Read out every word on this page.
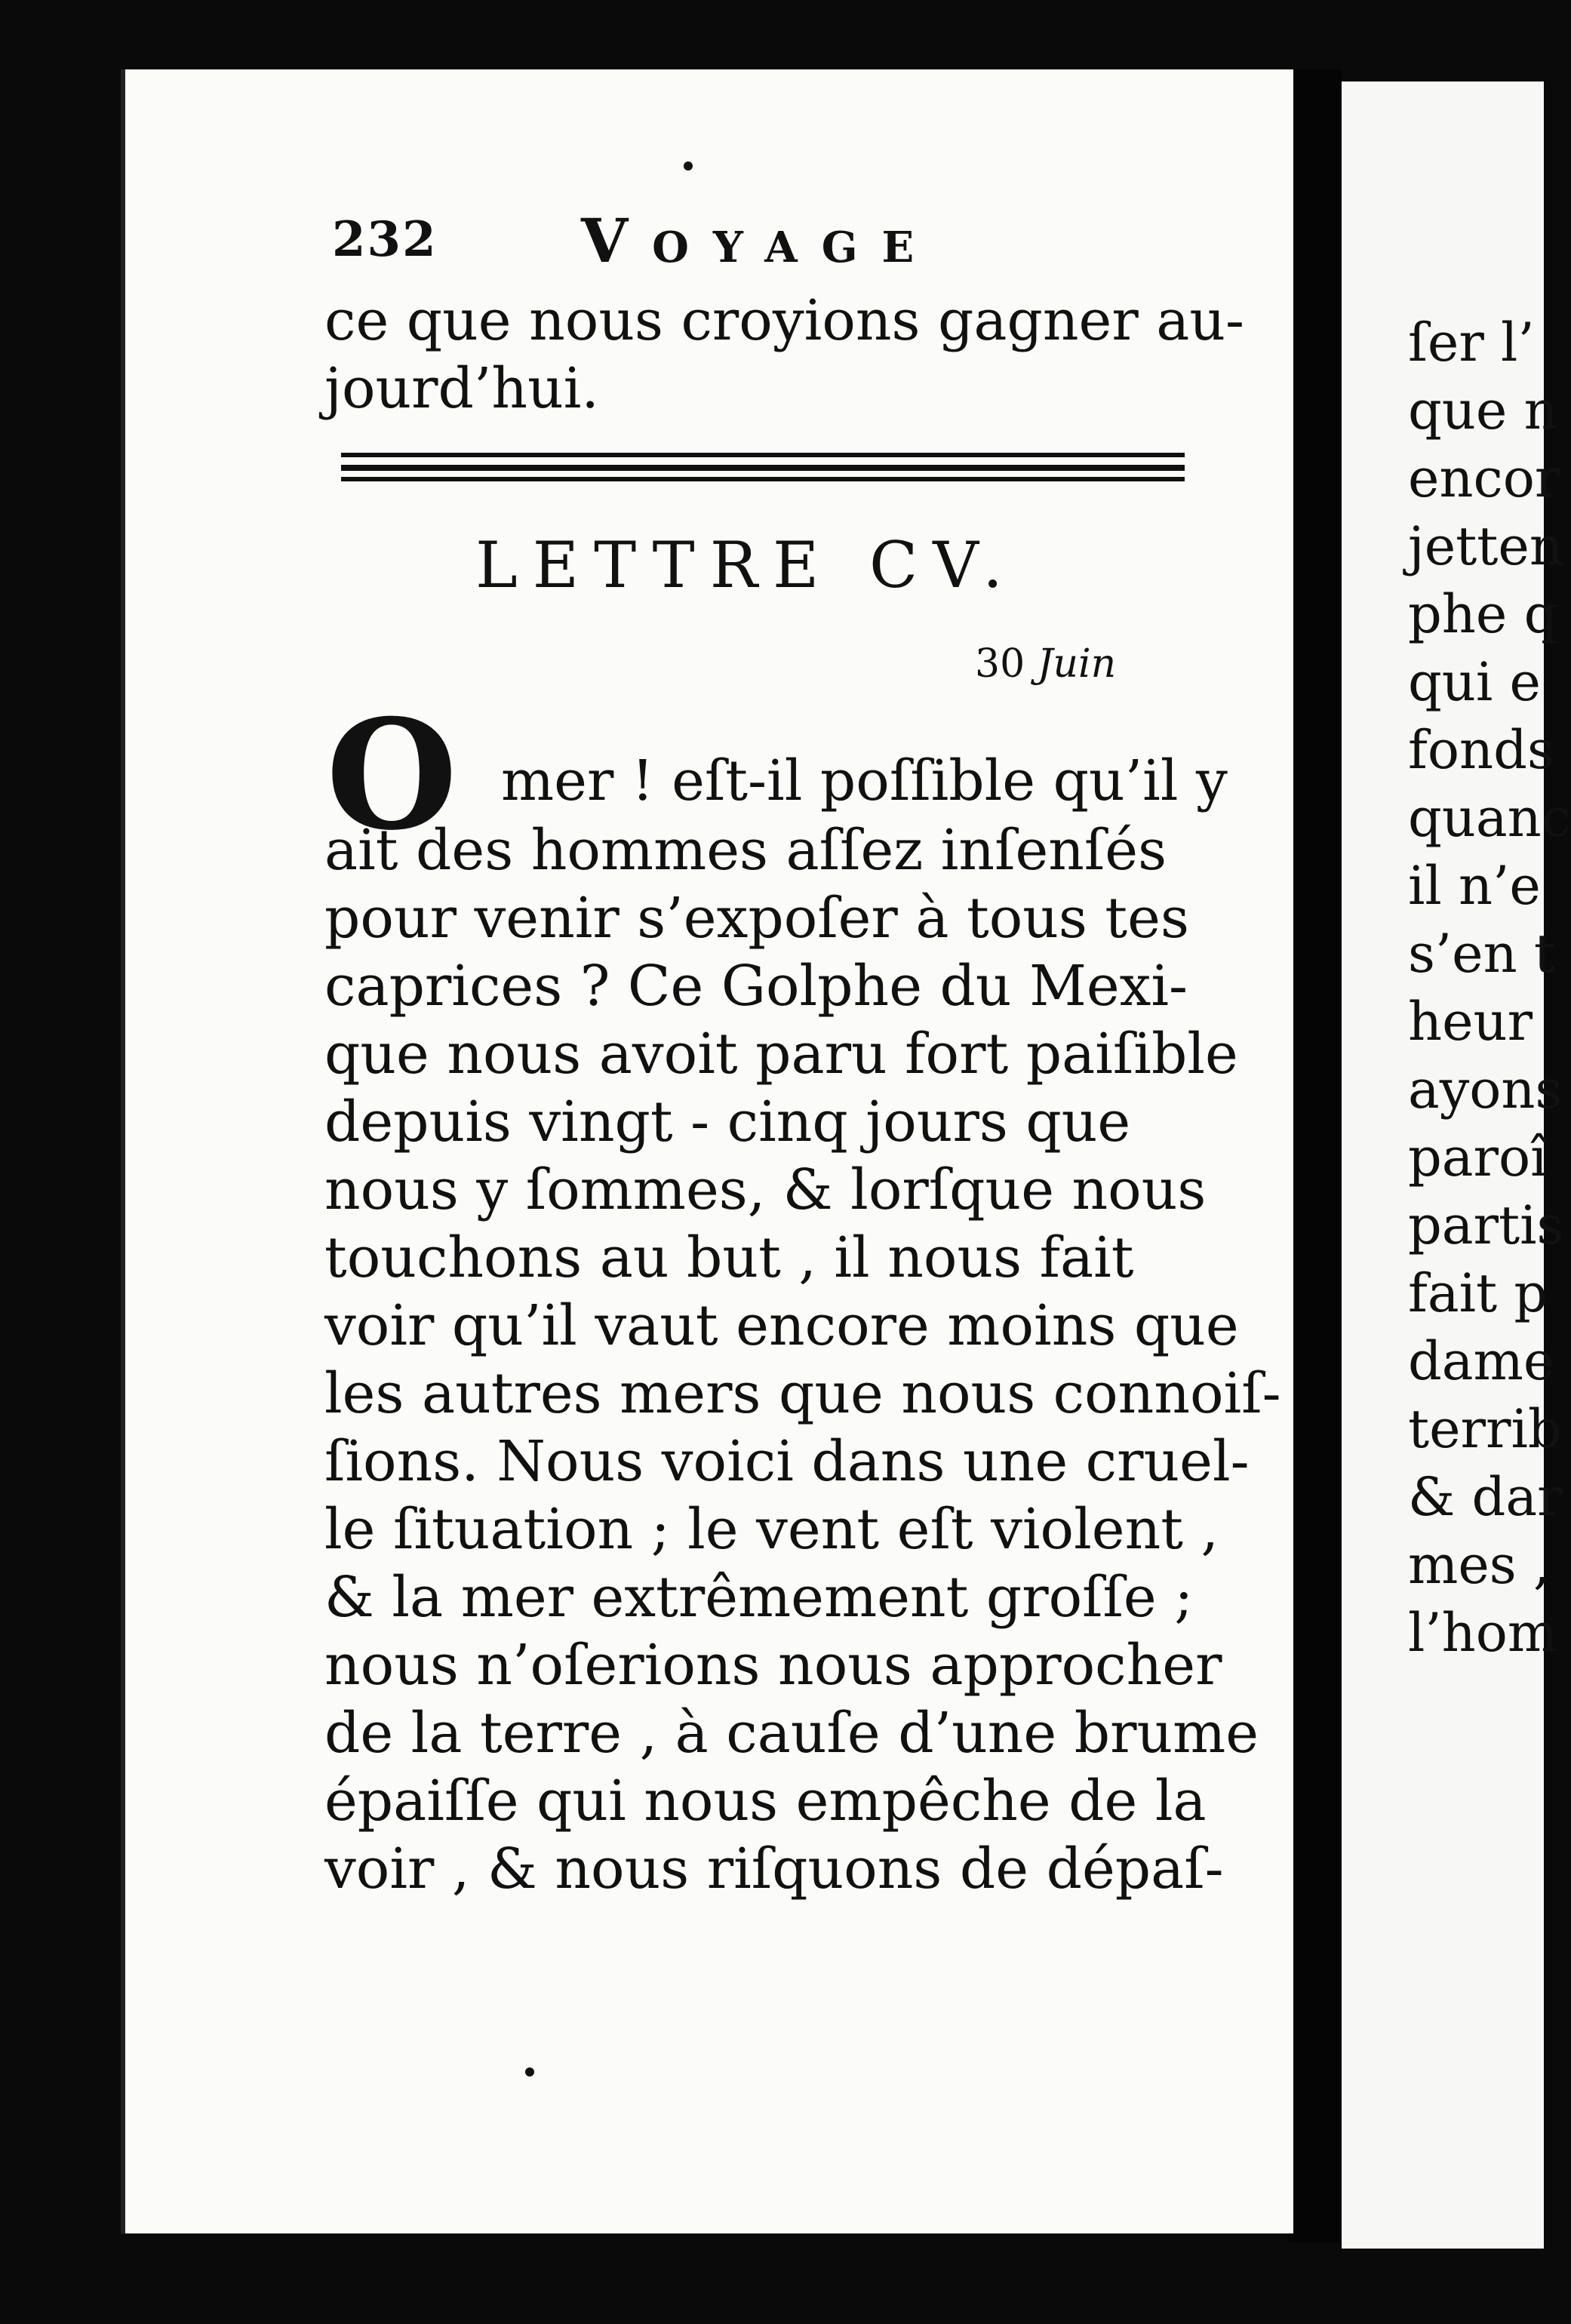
232 Voyage
ce que nous croyions gagner au-
jourd’hui.
LETTRE CV.
30 Juin
O mer ! eſt-il poſſible qu’il y
ait des hommes aſſez inſenſés
pour venir s’expoſer à tous tes
caprices ? Ce Golphe du Mexi-
que nous avoit paru fort paiſible
depuis vingt - cinq jours que
nous y ſommes, & lorſque nous
touchons au but , il nous fait
voir qu’il vaut encore moins que
les autres mers que nous connoiſ-
ſions. Nous voici dans une cruel-
le ſituation ; le vent eſt violent ,
& la mer extrêmement groſſe ;
nous n’oſerions nous approcher
de la terre , à cauſe d’une brume
épaiſſe qui nous empêche de la
voir , & nous riſquons de dépaſ-
ſer l’
que n
encor
jetten
phe q
qui e
fonds
quanc
il n’e
s’en t
heur
ayons
paroî
partis
fait p
dame
terrib
& dar
mes ,
l’hom
